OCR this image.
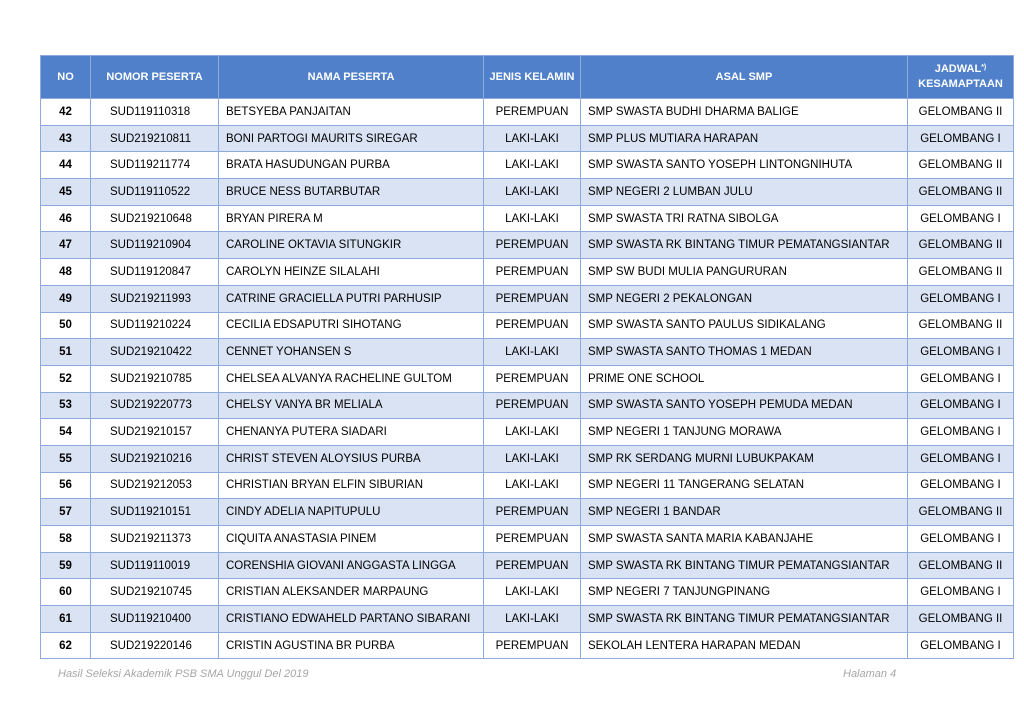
NO	NOMOR PESERTA	NAMA PESERTA	JENIS KELAMIN	ASAL SMP	JADWAL*)
KESAMAPTAAN
42	SUD119110318	BETSYEBA PANJAITAN	PEREMPUAN	SMP SWASTA BUDHI DHARMA BALIGE	GELOMBANG II
43	SUD219210811	BONI PARTOGI MAURITS SIREGAR	LAKI-LAKI	SMP PLUS MUTIARA HARAPAN	GELOMBANG I
44	SUD119211774	BRATA HASUDUNGAN PURBA	LAKI-LAKI	SMP SWASTA SANTO YOSEPH LINTONGNIHUTA	GELOMBANG II
45	SUD119110522	BRUCE NESS BUTARBUTAR	LAKI-LAKI	SMP NEGERI 2 LUMBAN JULU	GELOMBANG II
46	SUD219210648	BRYAN PIRERA M	LAKI-LAKI	SMP SWASTA TRI RATNA SIBOLGA	GELOMBANG I
47	SUD119210904	CAROLINE OKTAVIA SITUNGKIR	PEREMPUAN	SMP SWASTA RK BINTANG TIMUR PEMATANGSIANTAR	GELOMBANG II
48	SUD119120847	CAROLYN HEINZE SILALAHI	PEREMPUAN	SMP SW BUDI MULIA PANGURURAN	GELOMBANG II
49	SUD219211993	CATRINE GRACIELLA PUTRI PARHUSIP	PEREMPUAN	SMP NEGERI 2 PEKALONGAN	GELOMBANG I
50	SUD119210224	CECILIA EDSAPUTRI SIHOTANG	PEREMPUAN	SMP SWASTA SANTO PAULUS SIDIKALANG	GELOMBANG II
51	SUD219210422	CENNET YOHANSEN S	LAKI-LAKI	SMP SWASTA SANTO THOMAS 1 MEDAN	GELOMBANG I
52	SUD219210785	CHELSEA ALVANYA RACHELINE GULTOM	PEREMPUAN	PRIME ONE SCHOOL	GELOMBANG I
53	SUD219220773	CHELSY VANYA BR MELIALA	PEREMPUAN	SMP SWASTA SANTO YOSEPH PEMUDA MEDAN	GELOMBANG I
54	SUD219210157	CHENANYA PUTERA SIADARI	LAKI-LAKI	SMP NEGERI 1 TANJUNG MORAWA	GELOMBANG I
55	SUD219210216	CHRIST STEVEN ALOYSIUS PURBA	LAKI-LAKI	SMP RK SERDANG MURNI LUBUKPAKAM	GELOMBANG I
56	SUD219212053	CHRISTIAN BRYAN ELFIN SIBURIAN	LAKI-LAKI	SMP NEGERI 11 TANGERANG SELATAN	GELOMBANG I
57	SUD119210151	CINDY ADELIA NAPITUPULU	PEREMPUAN	SMP NEGERI 1 BANDAR	GELOMBANG II
58	SUD219211373	CIQUITA ANASTASIA PINEM	PEREMPUAN	SMP SWASTA SANTA MARIA KABANJAHE	GELOMBANG I
59	SUD119110019	CORENSHIA GIOVANI ANGGASTA LINGGA	PEREMPUAN	SMP SWASTA RK BINTANG TIMUR PEMATANGSIANTAR	GELOMBANG II
60	SUD219210745	CRISTIAN ALEKSANDER MARPAUNG	LAKI-LAKI	SMP NEGERI 7 TANJUNGPINANG	GELOMBANG I
61	SUD119210400	CRISTIANO EDWAHELD PARTANO SIBARANI	LAKI-LAKI	SMP SWASTA RK BINTANG TIMUR PEMATANGSIANTAR	GELOMBANG II
62	SUD219220146	CRISTIN AGUSTINA BR PURBA	PEREMPUAN	SEKOLAH LENTERA HARAPAN MEDAN	GELOMBANG I
Hasil Seleksi Akademik PSB SMA Unggul Del 2019	Halaman 4
